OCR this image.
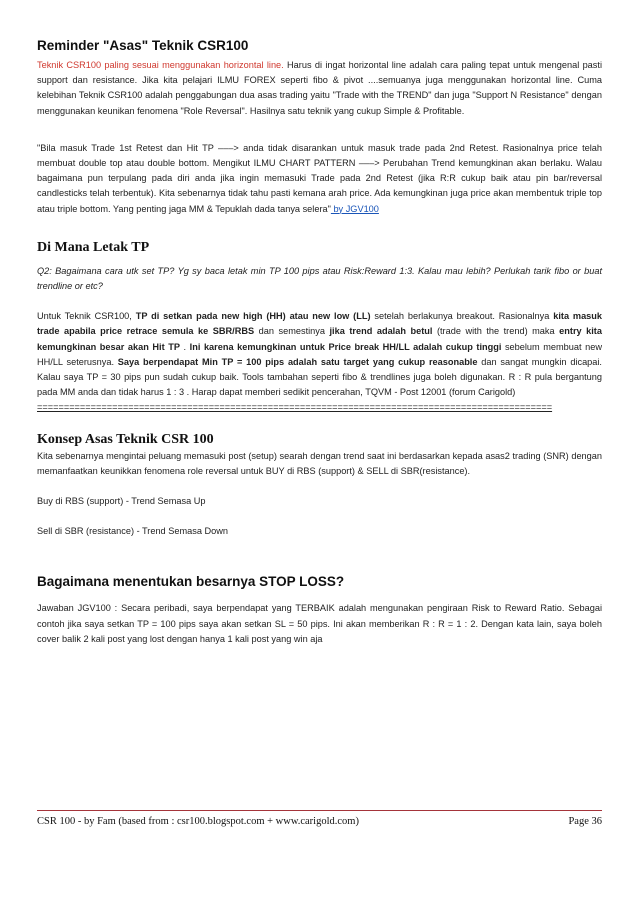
Reminder "Asas" Teknik CSR100

Teknik CSR100 paling sesuai menggunakan horizontal line. Harus di ingat horizontal line adalah cara paling tepat untuk mengenal pasti support dan resistance. Jika kita pelajari ILMU FOREX seperti fibo & pivot ....semuanya juga menggunakan horizontal line. Cuma kelebihan Teknik CSR100 adalah penggabungan dua asas trading yaitu "Trade with the TREND" dan juga "Support N Resistance" dengan menggunakan keunikan fenomena "Role Reversal". Hasilnya satu teknik yang cukup Simple & Profitable.

"Bila masuk Trade 1st Retest dan Hit TP –––> anda tidak disarankan untuk masuk trade pada 2nd Retest. Rasionalnya price telah membuat double top atau double bottom. Mengikut ILMU CHART PATTERN –––> Perubahan Trend kemungkinan akan berlaku. Walau bagaimana pun terpulang pada diri anda jika ingin memasuki Trade pada 2nd Retest (jika R:R cukup baik atau pin bar/reversal candlesticks telah terbentuk). Kita sebenarnya tidak tahu pasti kemana arah price. Ada kemungkinan juga price akan membentuk triple top atau triple bottom. Yang penting jaga MM & Tepuklah dada tanya selera" by JGV100

Di Mana Letak TP

Q2: Bagaimana cara utk set TP? Yg sy baca letak min TP 100 pips atau Risk:Reward 1:3. Kalau mau lebih? Perlukah tarik fibo or buat trendline or etc?

Untuk Teknik CSR100, TP di setkan pada new high (HH) atau new low (LL) setelah berlakunya breakout. Rasionalnya kita masuk trade apabila price retrace semula ke SBR/RBS dan semestinya jika trend adalah betul (trade with the trend) maka entry kita kemungkinan besar akan Hit TP . Ini karena kemungkinan untuk Price break HH/LL adalah cukup tinggi sebelum membuat new HH/LL seterusnya. Saya berpendapat Min TP = 100 pips adalah satu target yang cukup reasonable dan sangat mungkin dicapai. Kalau saya TP = 30 pips pun sudah cukup baik. Tools tambahan seperti fibo & trendlines juga boleh digunakan. R : R pula bergantung pada MM anda dan tidak harus 1 : 3 . Harap dapat memberi sedikit pencerahan, TQVM - Post 12001 (forum Carigold)

================================================================================================
Konsep Asas Teknik CSR 100

Kita sebenarnya mengintai peluang memasuki post (setup) searah dengan trend saat ini berdasarkan kepada asas2 trading (SNR) dengan memanfaatkan keunikkan fenomena role reversal untuk BUY di RBS (support) & SELL di SBR(resistance).

Buy di RBS (support) - Trend Semasa Up

Sell di SBR (resistance) - Trend Semasa Down

Bagaimana menentukan besarnya STOP LOSS?

Jawaban JGV100 : Secara peribadi, saya berpendapat yang TERBAIK adalah mengunakan pengiraan Risk to Reward Ratio. Sebagai contoh jika saya setkan TP = 100 pips saya akan setkan SL = 50 pips. Ini akan memberikan R : R = 1 : 2. Dengan kata lain, saya boleh cover balik 2 kali post yang lost dengan hanya 1 kali post yang win aja

CSR 100 - by Fam (based from : csr100.blogspot.com + www.carigold.com)	Page 36
